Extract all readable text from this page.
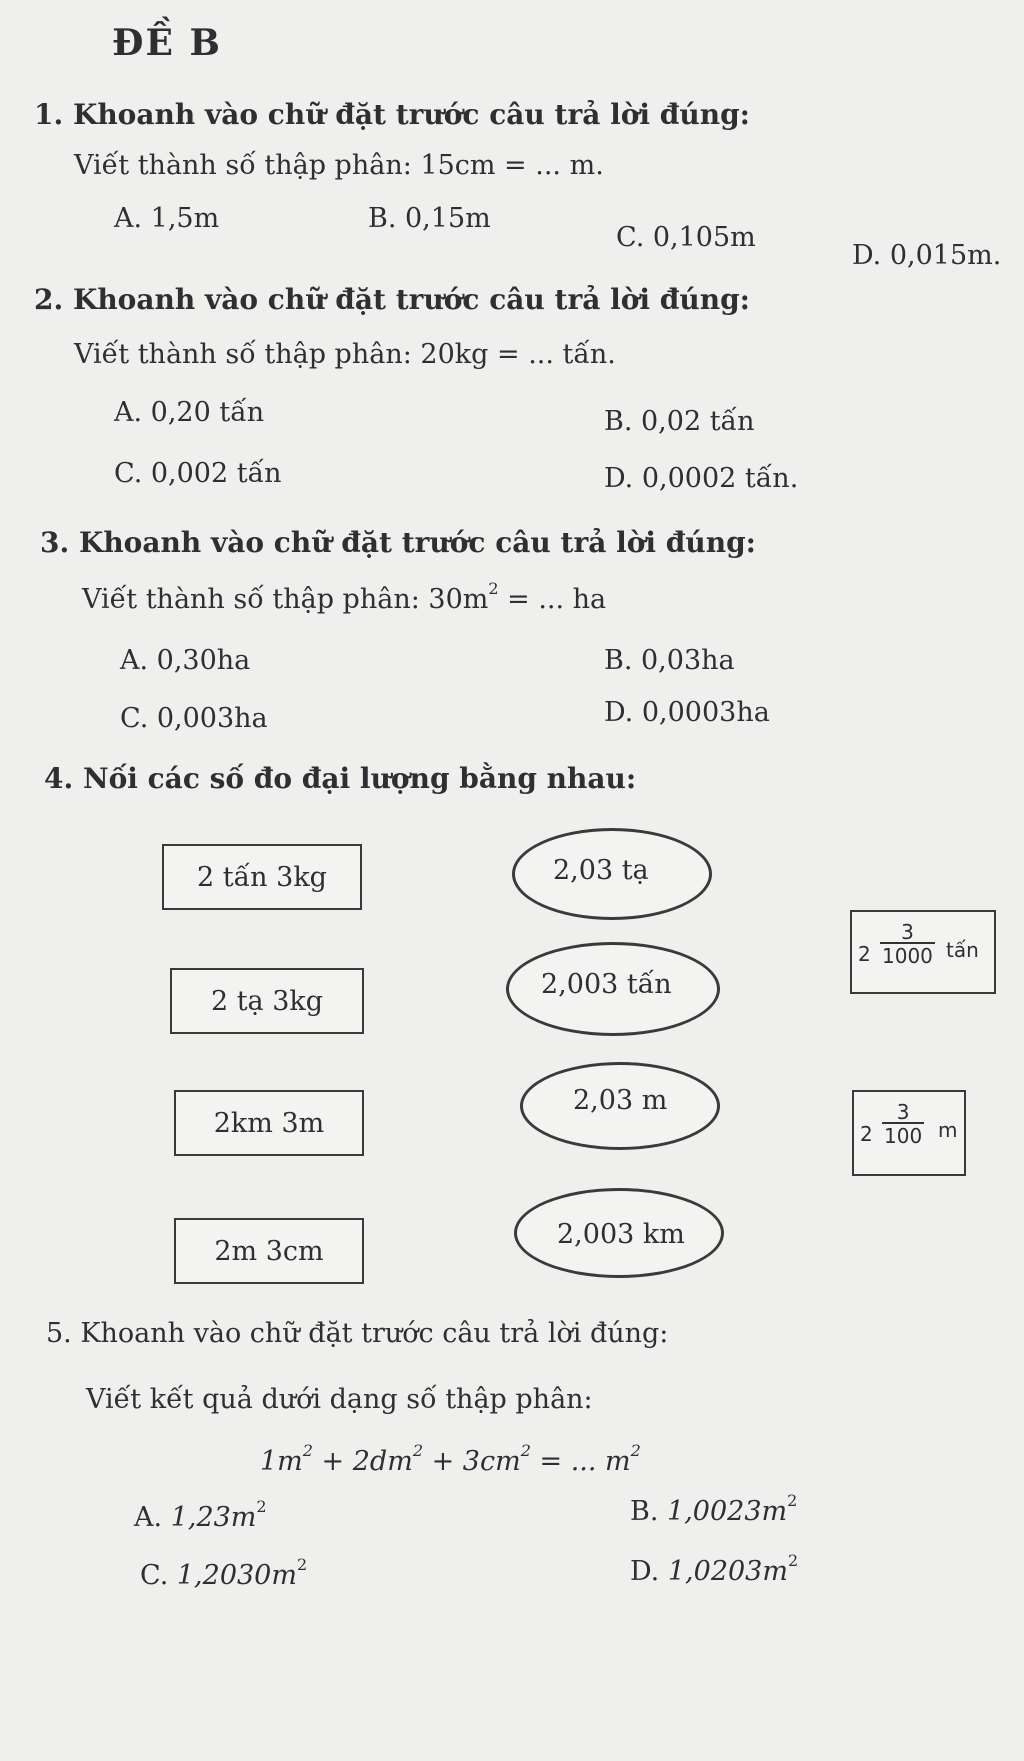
ĐỀ B
1. Khoanh vào chữ đặt trước câu trả lời đúng:
Viết thành số thập phân: 15cm = ... m.
A. 1,5m	B. 0,15m
C. 0,105m
D. 0,015m.
2. Khoanh vào chữ đặt trước câu trả lời đúng:
Viết thành số thập phân: 20kg = ... tấn.
A. 0,20 tấn	B. 0,02 tấn
C. 0,002 tấn	D. 0,0002 tấn.
3. Khoanh vào chữ đặt trước câu trả lời đúng:
Viết thành số thập phân: $30m^2$ = ... ha
A. 0,30ha	B. 0,03ha
C. 0,003ha	D. 0,0003ha
4. Nối các số đo đại lượng bằng nhau:
2 tấn 3kg
2 tạ 3kg
2km 3m
2m 3cm
2,03 tạ
2,003 tấn
2,03 m
2,003 km
$2 \frac{3}{1000}$ tấn
$2 \frac{3}{100}$ m
5. Khoanh vào chữ đặt trước câu trả lời đúng:
Viết kết quả dưới dạng số thập phân:
$1m^2 + 2dm^2 + 3cm^2$ = ... $m^2$
A. $1,23m^2$	B. $1,0023m^2$
C. $1,2030m^2$	D. $1,0203m^2$
